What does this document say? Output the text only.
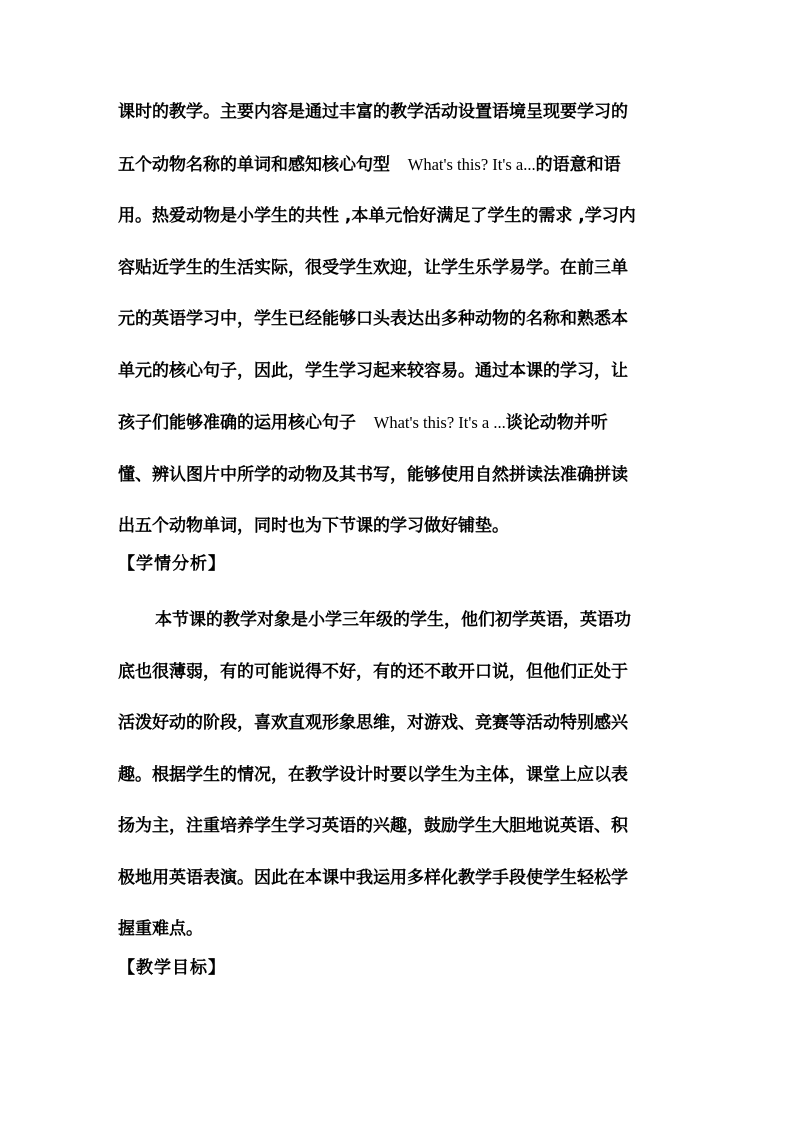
课时的教学。主要内容是通过丰富的教学活动设置语境呈现要学习的
五个动物名称的单词和感知核心句型 What's this? It's a...的语意和语
用。热爱动物是小学生的共性 ,本单元恰好满足了学生的需求 ,学习内
容贴近学生的生活实际，很受学生欢迎，让学生乐学易学。在前三单
元的英语学习中，学生已经能够口头表达出多种动物的名称和熟悉本
单元的核心句子，因此，学生学习起来较容易。通过本课的学习，让
孩子们能够准确的运用核心句子 What's this? It's a ...谈论动物并听
懂、辨认图片中所学的动物及其书写，能够使用自然拼读法准确拼读
出五个动物单词，同时也为下节课的学习做好铺垫。
【学情分析】
本节课的教学对象是小学三年级的学生，他们初学英语，英语功
底也很薄弱，有的可能说得不好，有的还不敢开口说，但他们正处于
活泼好动的阶段，喜欢直观形象思维，对游戏、竞赛等活动特别感兴
趣。根据学生的情况，在教学设计时要以学生为主体，课堂上应以表
扬为主，注重培养学生学习英语的兴趣，鼓励学生大胆地说英语、积
极地用英语表演。因此在本课中我运用多样化教学手段使学生轻松学
握重难点。
【教学目标】
